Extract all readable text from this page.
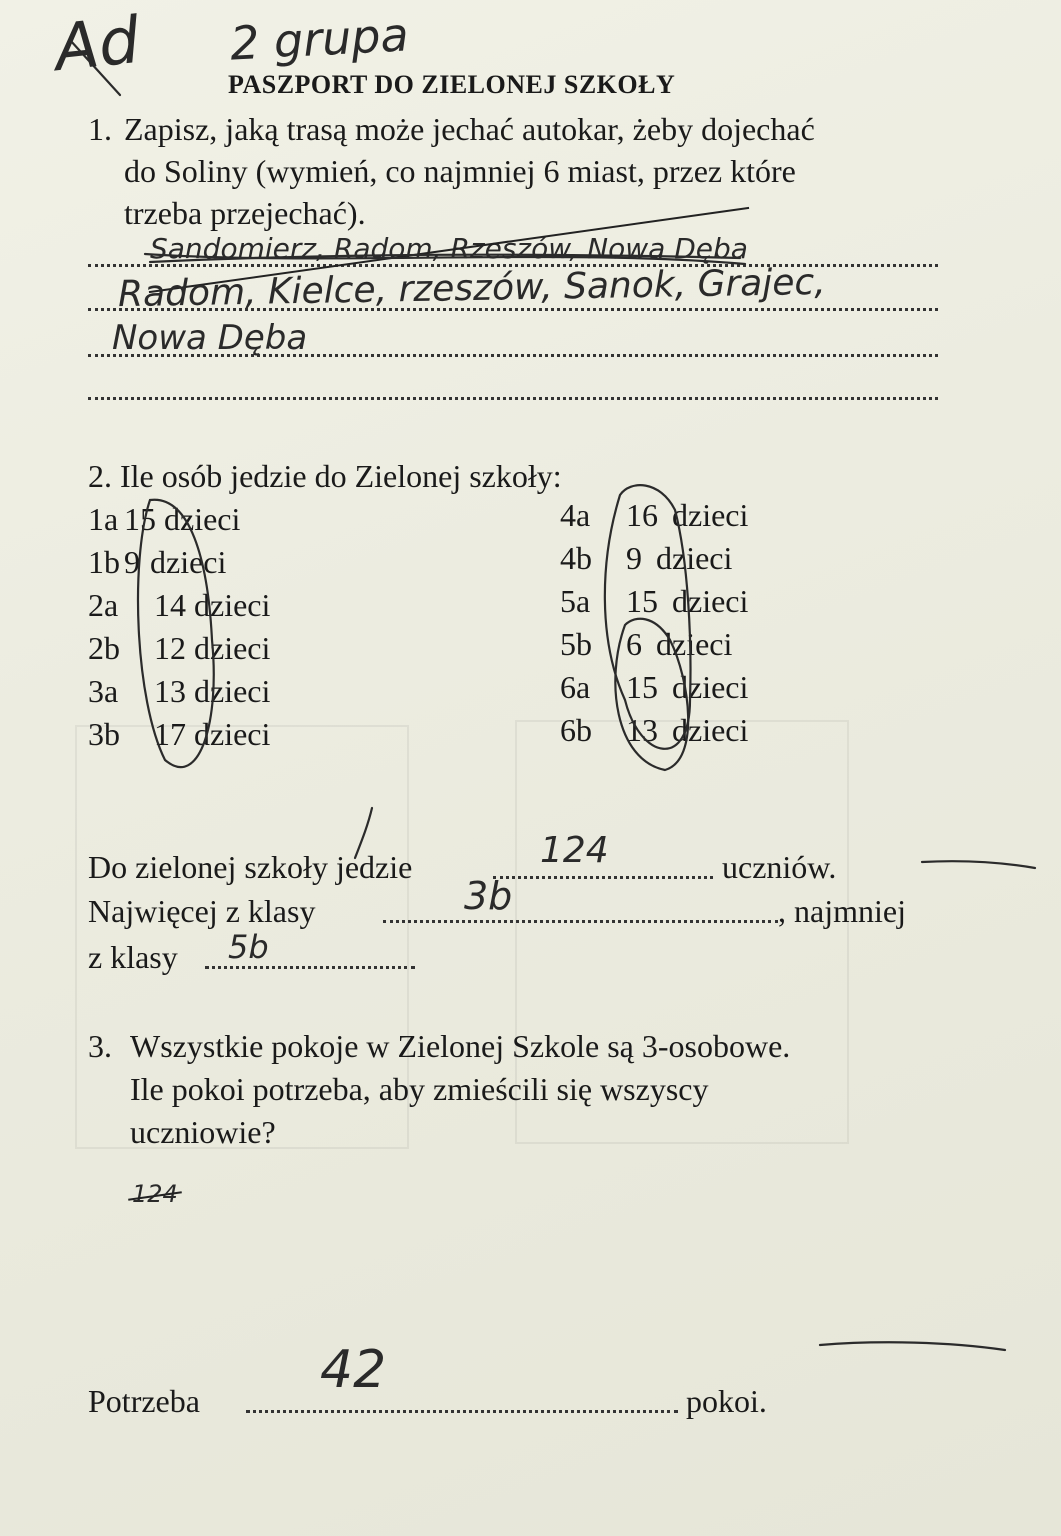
Ad 2 grupa
PASZPORT DO ZIELONEJ SZKOŁY
1. Zapisz, jaką trasą może jechać autokar, żeby dojechać
do Soliny (wymień, co najmniej 6 miast, przez które
trzeba przejechać).
Sandomierz, Radom, Rzeszów, Nowa Dęba
Radom, Kielce, rzeszów, Sanok, Grajec,
Nowa Dęba
2. Ile osób jedzie do Zielonej szkoły:
1a 15 dzieci
1b 9 dzieci
2a 14 dzieci
2b 12 dzieci
3a 13 dzieci
3b 17 dzieci
4a 16 dzieci
4b 9 dzieci
5a 15 dzieci
5b 6 dzieci
6a 15 dzieci
6b 13 dzieci
Do zielonej szkoły jedzie	uczniów.
124
Najwięcej z klasy	, najmniej
3b
z klasy 5b
3. Wszystkie pokoje w Zielonej Szkole są 3-osobowe.
Ile pokoi potrzeba, aby zmieścili się wszyscy
uczniowie?
124
Potrzeba	pokoi.
42
